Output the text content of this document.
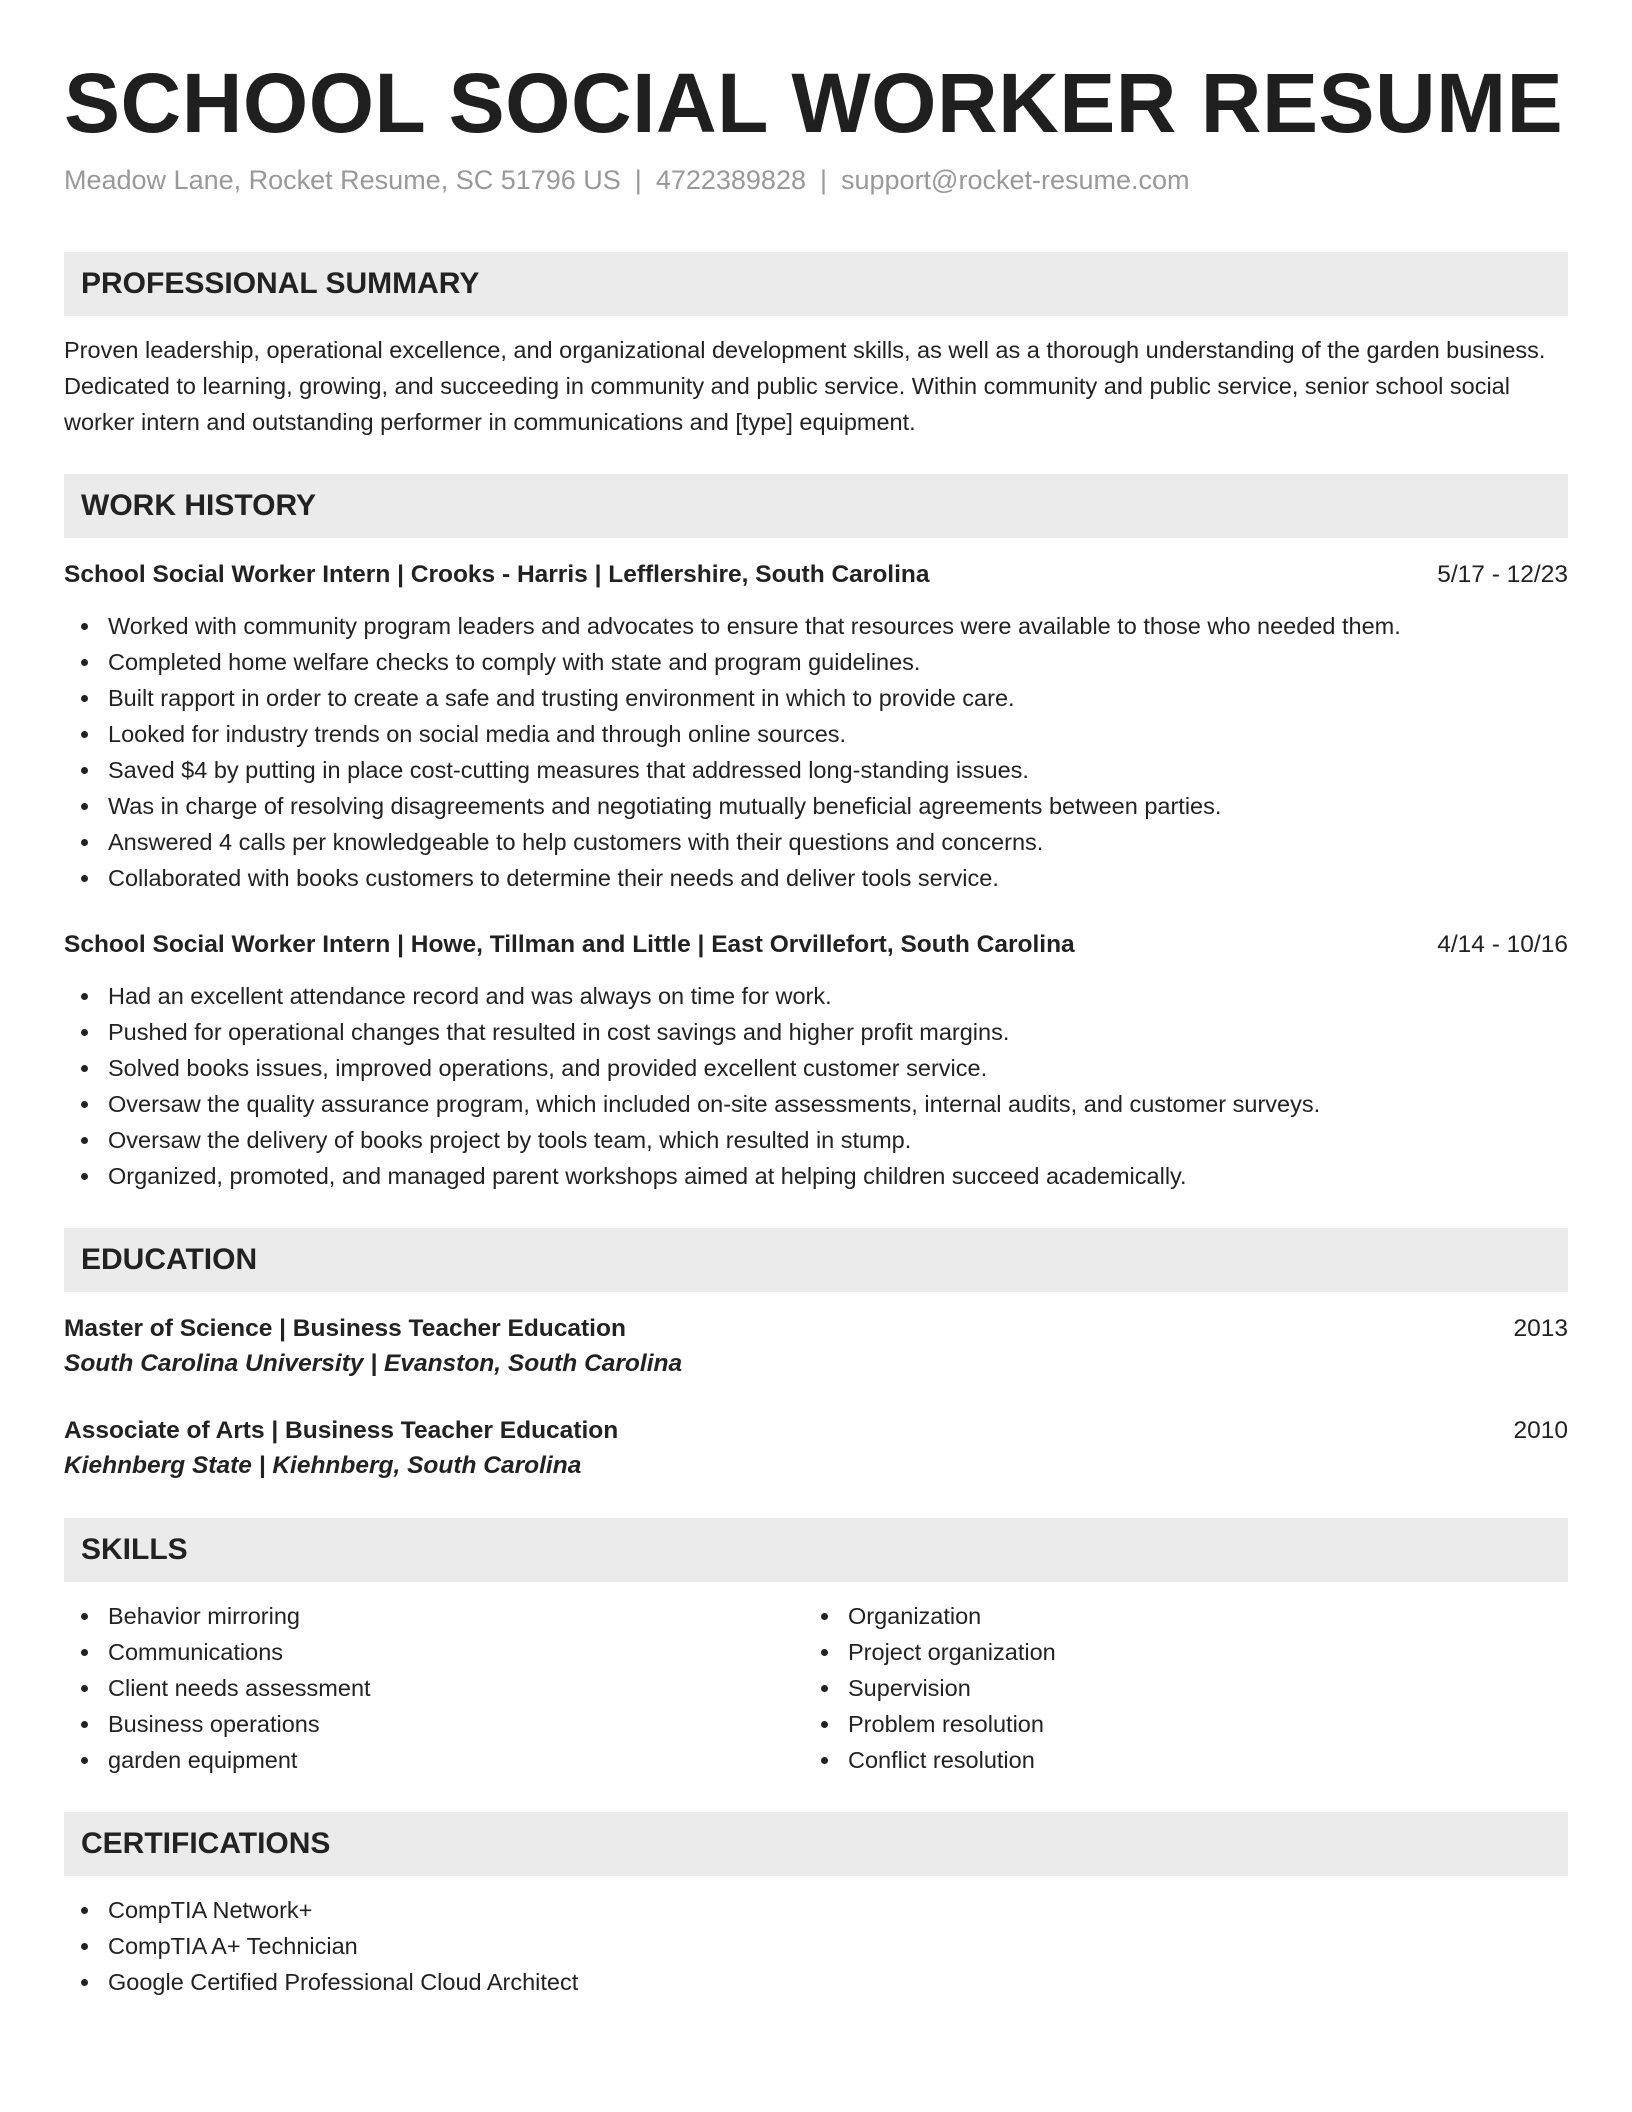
SCHOOL SOCIAL WORKER RESUME
Meadow Lane, Rocket Resume, SC 51796 US | 4722389828 | support@rocket-resume.com
PROFESSIONAL SUMMARY

Proven leadership, operational excellence, and organizational development skills, as well as a thorough understanding of the garden business. Dedicated to learning, growing, and succeeding in community and public service. Within community and public service, senior school social worker intern and outstanding performer in communications and [type] equipment.

WORK HISTORY
School Social Worker Intern | Crooks - Harris | Lefflershire, South Carolina	5/17 - 12/23
Worked with community program leaders and advocates to ensure that resources were available to those who needed them.
Completed home welfare checks to comply with state and program guidelines.
Built rapport in order to create a safe and trusting environment in which to provide care.
Looked for industry trends on social media and through online sources.
Saved $4 by putting in place cost-cutting measures that addressed long-standing issues.
Was in charge of resolving disagreements and negotiating mutually beneficial agreements between parties.
Answered 4 calls per knowledgeable to help customers with their questions and concerns.
Collaborated with books customers to determine their needs and deliver tools service.
School Social Worker Intern | Howe, Tillman and Little | East Orvillefort, South Carolina	4/14 - 10/16
Had an excellent attendance record and was always on time for work.
Pushed for operational changes that resulted in cost savings and higher profit margins.
Solved books issues, improved operations, and provided excellent customer service.
Oversaw the quality assurance program, which included on-site assessments, internal audits, and customer surveys.
Oversaw the delivery of books project by tools team, which resulted in stump.
Organized, promoted, and managed parent workshops aimed at helping children succeed academically.
EDUCATION
Master of Science | Business Teacher Education	2013
South Carolina University | Evanston, South Carolina
Associate of Arts | Business Teacher Education	2010
Kiehnberg State | Kiehnberg, South Carolina
SKILLS
Behavior mirroring
Communications
Client needs assessment
Business operations
garden equipment
Organization
Project organization
Supervision
Problem resolution
Conflict resolution
CERTIFICATIONS
CompTIA Network+
CompTIA A+ Technician
Google Certified Professional Cloud Architect
